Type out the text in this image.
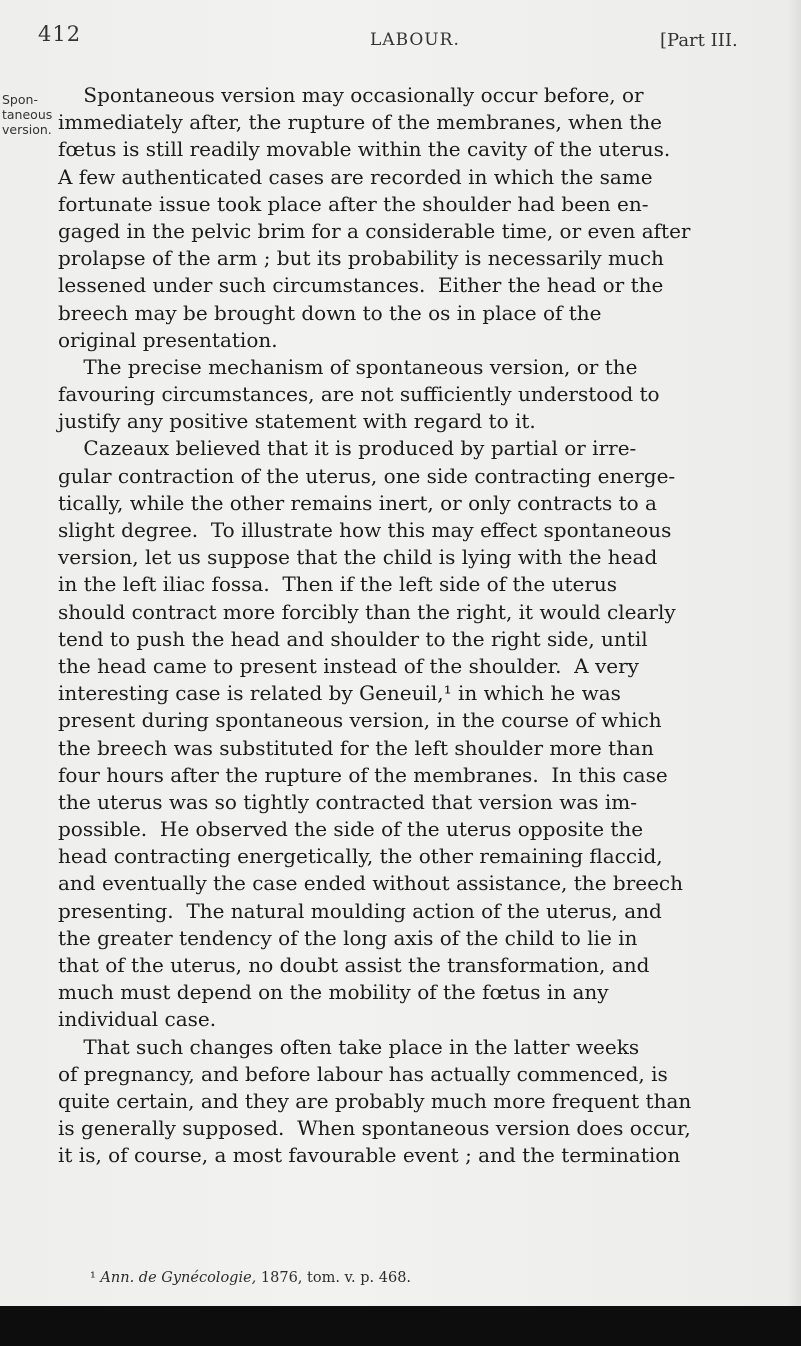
412	LABOUR.	[Part III.
Spon-
taneous
version.
Spontaneous version may occasionally occur before, or
immediately after, the rupture of the membranes, when the
fœtus is still readily movable within the cavity of the uterus.
A few authenticated cases are recorded in which the same
fortunate issue took place after the shoulder had been en-
gaged in the pelvic brim for a considerable time, or even after
prolapse of the arm ; but its probability is necessarily much
lessened under such circumstances.  Either the head or the
breech may be brought down to the os in place of the
original presentation.
The precise mechanism of spontaneous version, or the
favouring circumstances, are not sufficiently understood to
justify any positive statement with regard to it.
Cazeaux believed that it is produced by partial or irre-
gular contraction of the uterus, one side contracting energe-
tically, while the other remains inert, or only contracts to a
slight degree.  To illustrate how this may effect spontaneous
version, let us suppose that the child is lying with the head
in the left iliac fossa.  Then if the left side of the uterus
should contract more forcibly than the right, it would clearly
tend to push the head and shoulder to the right side, until
the head came to present instead of the shoulder.  A very
interesting case is related by Geneuil,¹ in which he was
present during spontaneous version, in the course of which
the breech was substituted for the left shoulder more than
four hours after the rupture of the membranes.  In this case
the uterus was so tightly contracted that version was im-
possible.  He observed the side of the uterus opposite the
head contracting energetically, the other remaining flaccid,
and eventually the case ended without assistance, the breech
presenting.  The natural moulding action of the uterus, and
the greater tendency of the long axis of the child to lie in
that of the uterus, no doubt assist the transformation, and
much must depend on the mobility of the fœtus in any
individual case.
That such changes often take place in the latter weeks
of pregnancy, and before labour has actually commenced, is
quite certain, and they are probably much more frequent than
is generally supposed.  When spontaneous version does occur,
it is, of course, a most favourable event ; and the termination
¹ Ann. de Gynécologie, 1876, tom. v. p. 468.
